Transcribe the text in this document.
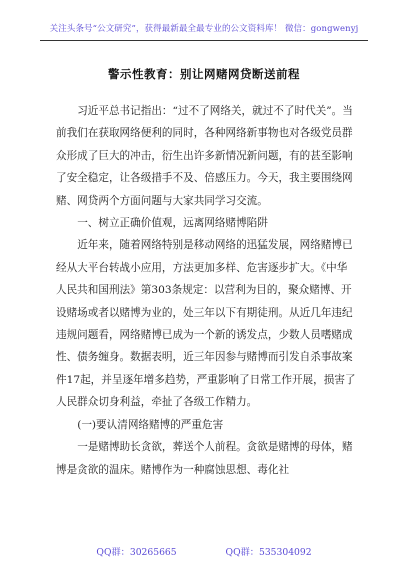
关注头条号“公文研究”，获得最新最全最专业的公文资料库！ 微信：gongwenyj
警示性教育：别让网赌网贷断送前程

习近平总书记指出：“过不了网络关，就过不了时代关”。当前我们在获取网络便利的同时，各种网络新事物也对各级党员群众形成了巨大的冲击，衍生出许多新情况新问题，有的甚至影响了安全稳定，让各级措手不及、倍感压力。今天，我主要围绕网赌、网贷两个方面问题与大家共同学习交流。

一、树立正确价值观，远离网络赌博陷阱

近年来，随着网络特别是移动网络的迅猛发展，网络赌博已经从大平台转战小应用，方法更加多样、危害逐步扩大。《中华人民共和国刑法》第303条规定：以营利为目的，聚众赌博、开设赌场或者以赌博为业的，处三年以下有期徒刑。从近几年违纪违规问题看，网络赌博已成为一个新的诱发点，少数人员嗜赌成性、债务缠身。数据表明，近三年因参与赌博而引发自杀事故案件17起，并呈逐年增多趋势，严重影响了日常工作开展，损害了人民群众切身利益，牵扯了各级工作精力。

(一)要认清网络赌博的严重危害

一是赌博助长贪欲，葬送个人前程。贪欲是赌博的母体，赌博是贪欲的温床。赌博作为一种腐蚀思想、毒化社

QQ群：30265665	QQ群：535304092
